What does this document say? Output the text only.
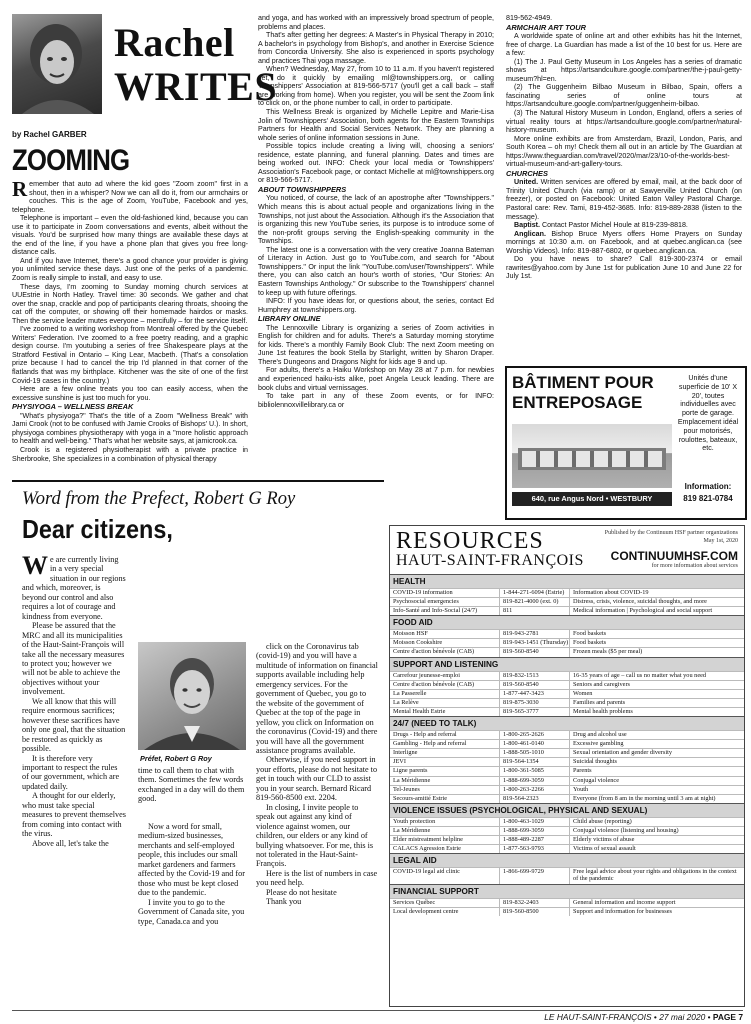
Rachel
WRITES
by Rachel GARBER
ZOOMING

Remember that auto ad where the kid goes "Zoom zoom" first in a shout, then in a whisper? Now we can all do it, from our armchairs or couches. This is the age of Zoom, YouTube, Facebook and yes, telephone.

Telephone is important – even the old-fashioned kind, because you can use it to participate in Zoom conversations and events, albeit without the visuals. You'd be surprised how many things are available these days at the end of the line, if you have a phone plan that gives you free long-distance calls.

And if you have Internet, there's a good chance your provider is giving you unlimited service these days. Just one of the perks of a pandemic. Zoom is really simple to install, and easy to use.

These days, I'm zooming to Sunday morning church services at UUEstrie in North Hatley. Travel time: 30 seconds. We gather and chat over the snap, crackle and pop of participants clearing throats, shooing the cat off the computer, or showing off their homemade hairdos or masks. Then the service leader mutes everyone – mercifully – for the service itself.

I've zoomed to a writing workshop from Montreal offered by the Quebec Writers' Federation. I've zoomed to a free poetry reading, and a graphic design course. I'm youtubing a series of free Shakespeare plays at the Stratford Festival in Ontario – King Lear, Macbeth. (That's a consolation prize because I had to cancel the trip I'd planned in that corner of the flatlands that was my birthplace. Kitchener was the site of one of the first Covid-19 cases in the country.)

Here are a few online treats you too can easily access, when the excessive sunshine is just too much for you.

PHYSIYOGA – WELLNESS BREAK

"What's physiyoga?" That's the title of a Zoom "Wellness Break" with Jami Crook (not to be confused with Jamie Crooks of Bishops' U.). In short, physiyoga combines physiotherapy with yoga in a "more holistic approach to health and well-being." That's what her website says, at jamicrook.ca.

Crook is a registered physiotherapist with a private practice in Sherbrooke, She specializes in a combination of physical therapy

and yoga, and has worked with an impressively broad spectrum of people, problems and places.

That's after getting her degrees: A Master's in Physical Therapy in 2010; A bachelor's in psychology from Bishop's, and another in Exercise Science from Concordia University. She also is experienced in sports psychology and practices Thai yoga massage.

When? Wednesday, May 27, from 10 to 11 a.m. If you haven't registered yet, do it quickly by emailing ml@townshippers.org, or calling Townshippers' Association at 819-566-5717 (you'll get a call back – staff are working from home). When you register, you will be sent the Zoom link to click on, or the phone number to call, in order to participate.

This Wellness Break is organized by Michelle Lepitre and Marie-Lisa Jolin of Townshippers' Association, both agents for the Eastern Townships Partners for Health and Social Services Network. They are planning a whole series of online information sessions in June.

Possible topics include creating a living will, choosing a seniors' residence, estate planning, and funeral planning. Dates and times are being worked out. INFO: Check your local media or Townshippers' Association's Facebook page, or contact Michelle at ml@townshippers.org or 819-566-5717.

ABOUT TOWNSHIPPERS

You noticed, of course, the lack of an apostrophe after "Townshippers." Which means this is about actual people and organizations living in the Townships, not just about the Association. Although it's the Association that is organizing this new YouTube series, its purpose is to introduce some of the non-profit groups serving the English-speaking community in the Townships.

The latest one is a conversation with the very creative Joanna Bateman of Literacy in Action. Just go to YouTube.com, and search for "About Townshippers." Or input the link "YouTube.com/user/Townshippers". While there, you can also catch an hour's worth of stories, "Our Stories: An Eastern Townships Anthology." Or subscribe to the Townshippers' channel to keep up with future offerings.

INFO: If you have ideas for, or questions about, the series, contact Ed Humphrey at townshippers.org.

LIBRARY ONLINE

The Lennoxville Library is organizing a series of Zoom activities in English for children and for adults. There's a Saturday morning storytime for kids. There's a monthly Family Book Club: The next Zoom meeting on June 1st features the book Stella by Starlight, written by Sharon Draper. There's Dungeons and Dragons Night for kids age 9 and up.

For adults, there's a Haiku Workshop on May 28 at 7 p.m. for newbies and experienced haiku-ists alike, poet Angela Leuck leading. There are book clubs and virtual vernissages.

To take part in any of these Zoom events, or for INFO: bibliolennoxvillelibrary.ca or

819-562-4949.

ARMCHAIR ART TOUR

A worldwide spate of online art and other exhibits has hit the Internet, free of charge. La Guardian has made a list of the 10 best for us. Here are a few:

(1) The J. Paul Getty Museum in Los Angeles has a series of dramatic shows at https://artsandculture.google.com/partner/the-j-paul-getty-museum?hl=en.

(2) The Guggenheim Bilbao Museum in Bilbao, Spain, offers a fascinating series of online tours at https://artsandculture.google.com/partner/guggenheim-bilbao.

(3) The Natural History Museum in London, England, offers a series of virtual reality tours at https://artsandculture.google.com/partner/natural-history-museum.

More online exhibits are from Amsterdam, Brazil, London, Paris, and South Korea – oh my! Check them all out in an article by The Guardian at https://www.theguardian.com/travel/2020/mar/23/10-of-the-worlds-best-virtual-museum-and-art-gallery-tours.

CHURCHES

United. Written services are offered by email, mail, at the back door of Trinity United Church (via ramp) or at Sawyerville United Church (on freezer), or posted on Facebook: United Eaton Valley Pastoral Charge. Pastoral care: Rev. Tami, 819-452-3685. Info: 819-889-2838 (listen to the message).

Baptist. Contact Pastor Michel Houle at 819-239-8818.

Anglican. Bishop Bruce Myers offers Home Prayers on Sunday mornings at 10:30 a.m. on Facebook, and at quebec.anglican.ca (see Worship Videos). Info: 819-887-6802, or quebec.anglican.ca.

Do you have news to share? Call 819-300-2374 or email rawrites@yahoo.com by June 1st for publication June 10 and June 22 for July 1st.

BÂTIMENT POUR
ENTREPOSAGE
640, rue Angus Nord • WESTBURY
Unités d'une superficie de 10' X 20', toutes individuelles avec porte de garage. Emplacement idéal pour motorisés, roulottes, bateaux, etc.
Information:
819 821-0784
Word from the Prefect, Robert G Roy
Dear citizens,

We are currently living in a very special situation in our regions and which, moreover, is beyond our control and also requires a lot of courage and kindness from everyone.

Please be assured that the MRC and all its municipalities of the Haut-Saint-François will take all the necessary measures to protect you; however we will not be able to achieve the objectives without your involvement.

We all know that this will require enormous sacrifices; however these sacrifices have only one goal, that the situation be restored as quickly as possible.

It is therefore very important to respect the rules of our government, which are updated daily.

A thought for our elderly, who must take special measures to prevent themselves from coming into contact with the virus.

Above all, let's take the

Préfet, Robert G Roy
time to call them to chat with them. Sometimes the few words exchanged in a day will do them good.

Now a word for small, medium-sized businesses, merchants and self-employed people, this includes our small market gardeners and farmers affected by the Covid-19 and for those who must be kept closed due to the pandemic.

I invite you to go to the Government of Canada site, you type, Canada.ca and you

click on the Coronavirus tab (covid-19) and you will have a multitude of information on financial supports available including help emergency services. For the government of Quebec, you go to the website of the government of Quebec at the top of the page in yellow, you click on Information on the coronavirus (Covid-19) and there you will have all the government assistance programs available.

Otherwise, if you need support in your efforts, please do not hesitate to get in touch with our CLD to assist you in your search. Bernard Ricard 819-560-8500 ext. 2204.

In closing, I invite people to speak out against any kind of violence against women, our children, our elders or any kind of bullying whatsoever. For me, this is not tolerated in the Haut-Saint-François.

Here is the list of numbers in case you need help.

Please do not hesitate

Thank you

RESOURCES
HAUT-SAINT-FRANÇOIS
Published by the Continuum HSF partner organizations
May 1st, 2020
CONTINUUMHSF.COM
for more information about services
HEALTH
COVID-19 information	1-844-271-6094 (Estrie)	Information about COVID-19
Psychosocial emergencies	819-821-4000 (ext. 0)	Distress, crisis, violence, suicidal thoughts, and more
Info-Santé and Info-Social (24/7)	811	Medical information | Psychological and social support
FOOD AID
Moisson HSF	819-943-2781	Food baskets
Moisson Cookshire	819-943-1451 (Thursday) Food baskets
Centre d'action bénévole (CAB)	819-560-8540	Frozen meals ($5 per meal)
SUPPORT AND LISTENING
Carrefour jeunesse-emploi	819-832-1513	16-35 years of age – call us no matter what you need
Centre d'action bénévole (CAB)	819-560-8540	Seniors and caregivers
La Passerelle	1-877-447-3423	Women
La Relève	819-875-3030	Families and parents
Mental Health Estrie	819-565-3777	Mental health problems
24/7 (NEED TO TALK)
Drugs - Help and referral	1-800-265-2626	Drug and alcohol use
Gambling - Help and referral	1-800-461-0140	Excessive gambling
Interligne	1-888-505-1010	Sexual orientation and gender diversity
JEVI	819-564-1354	Suicidal thoughts
Ligne parents	1-800-361-5085	Parents
La Méridienne	1-888-699-3059	Conjugal violence
Tel-Jeunes	1-800-263-2266	Youth
Secours-amitié Estrie	819-564-2323	Everyone (from 8 am in the morning until 3 am at night)
VIOLENCE ISSUES (PSYCHOLOGICAL, PHYSICAL AND SEXUAL)
Youth protection	1-800-463-1029	Child abuse (reporting)
La Méridienne	1-888-699-3059	Conjugal violence (listening and housing)
Elder mistreatment helpline	1-888-489-2287	Elderly victims of abuse
CALACS Agression Estrie	1-877-563-9793	Victims of sexual assault
LEGAL AID
COVID-19 legal aid clinic	1-866-699-9729	Free legal advice about your rights and obligations in the context of the pandemic
FINANCIAL SUPPORT
Services Québec	819-832-2403	General information and income support
Local development centre	819-560-8500	Support and information for businesses
LE HAUT-SAINT-FRANÇOIS • 27 mai 2020 • PAGE 7
